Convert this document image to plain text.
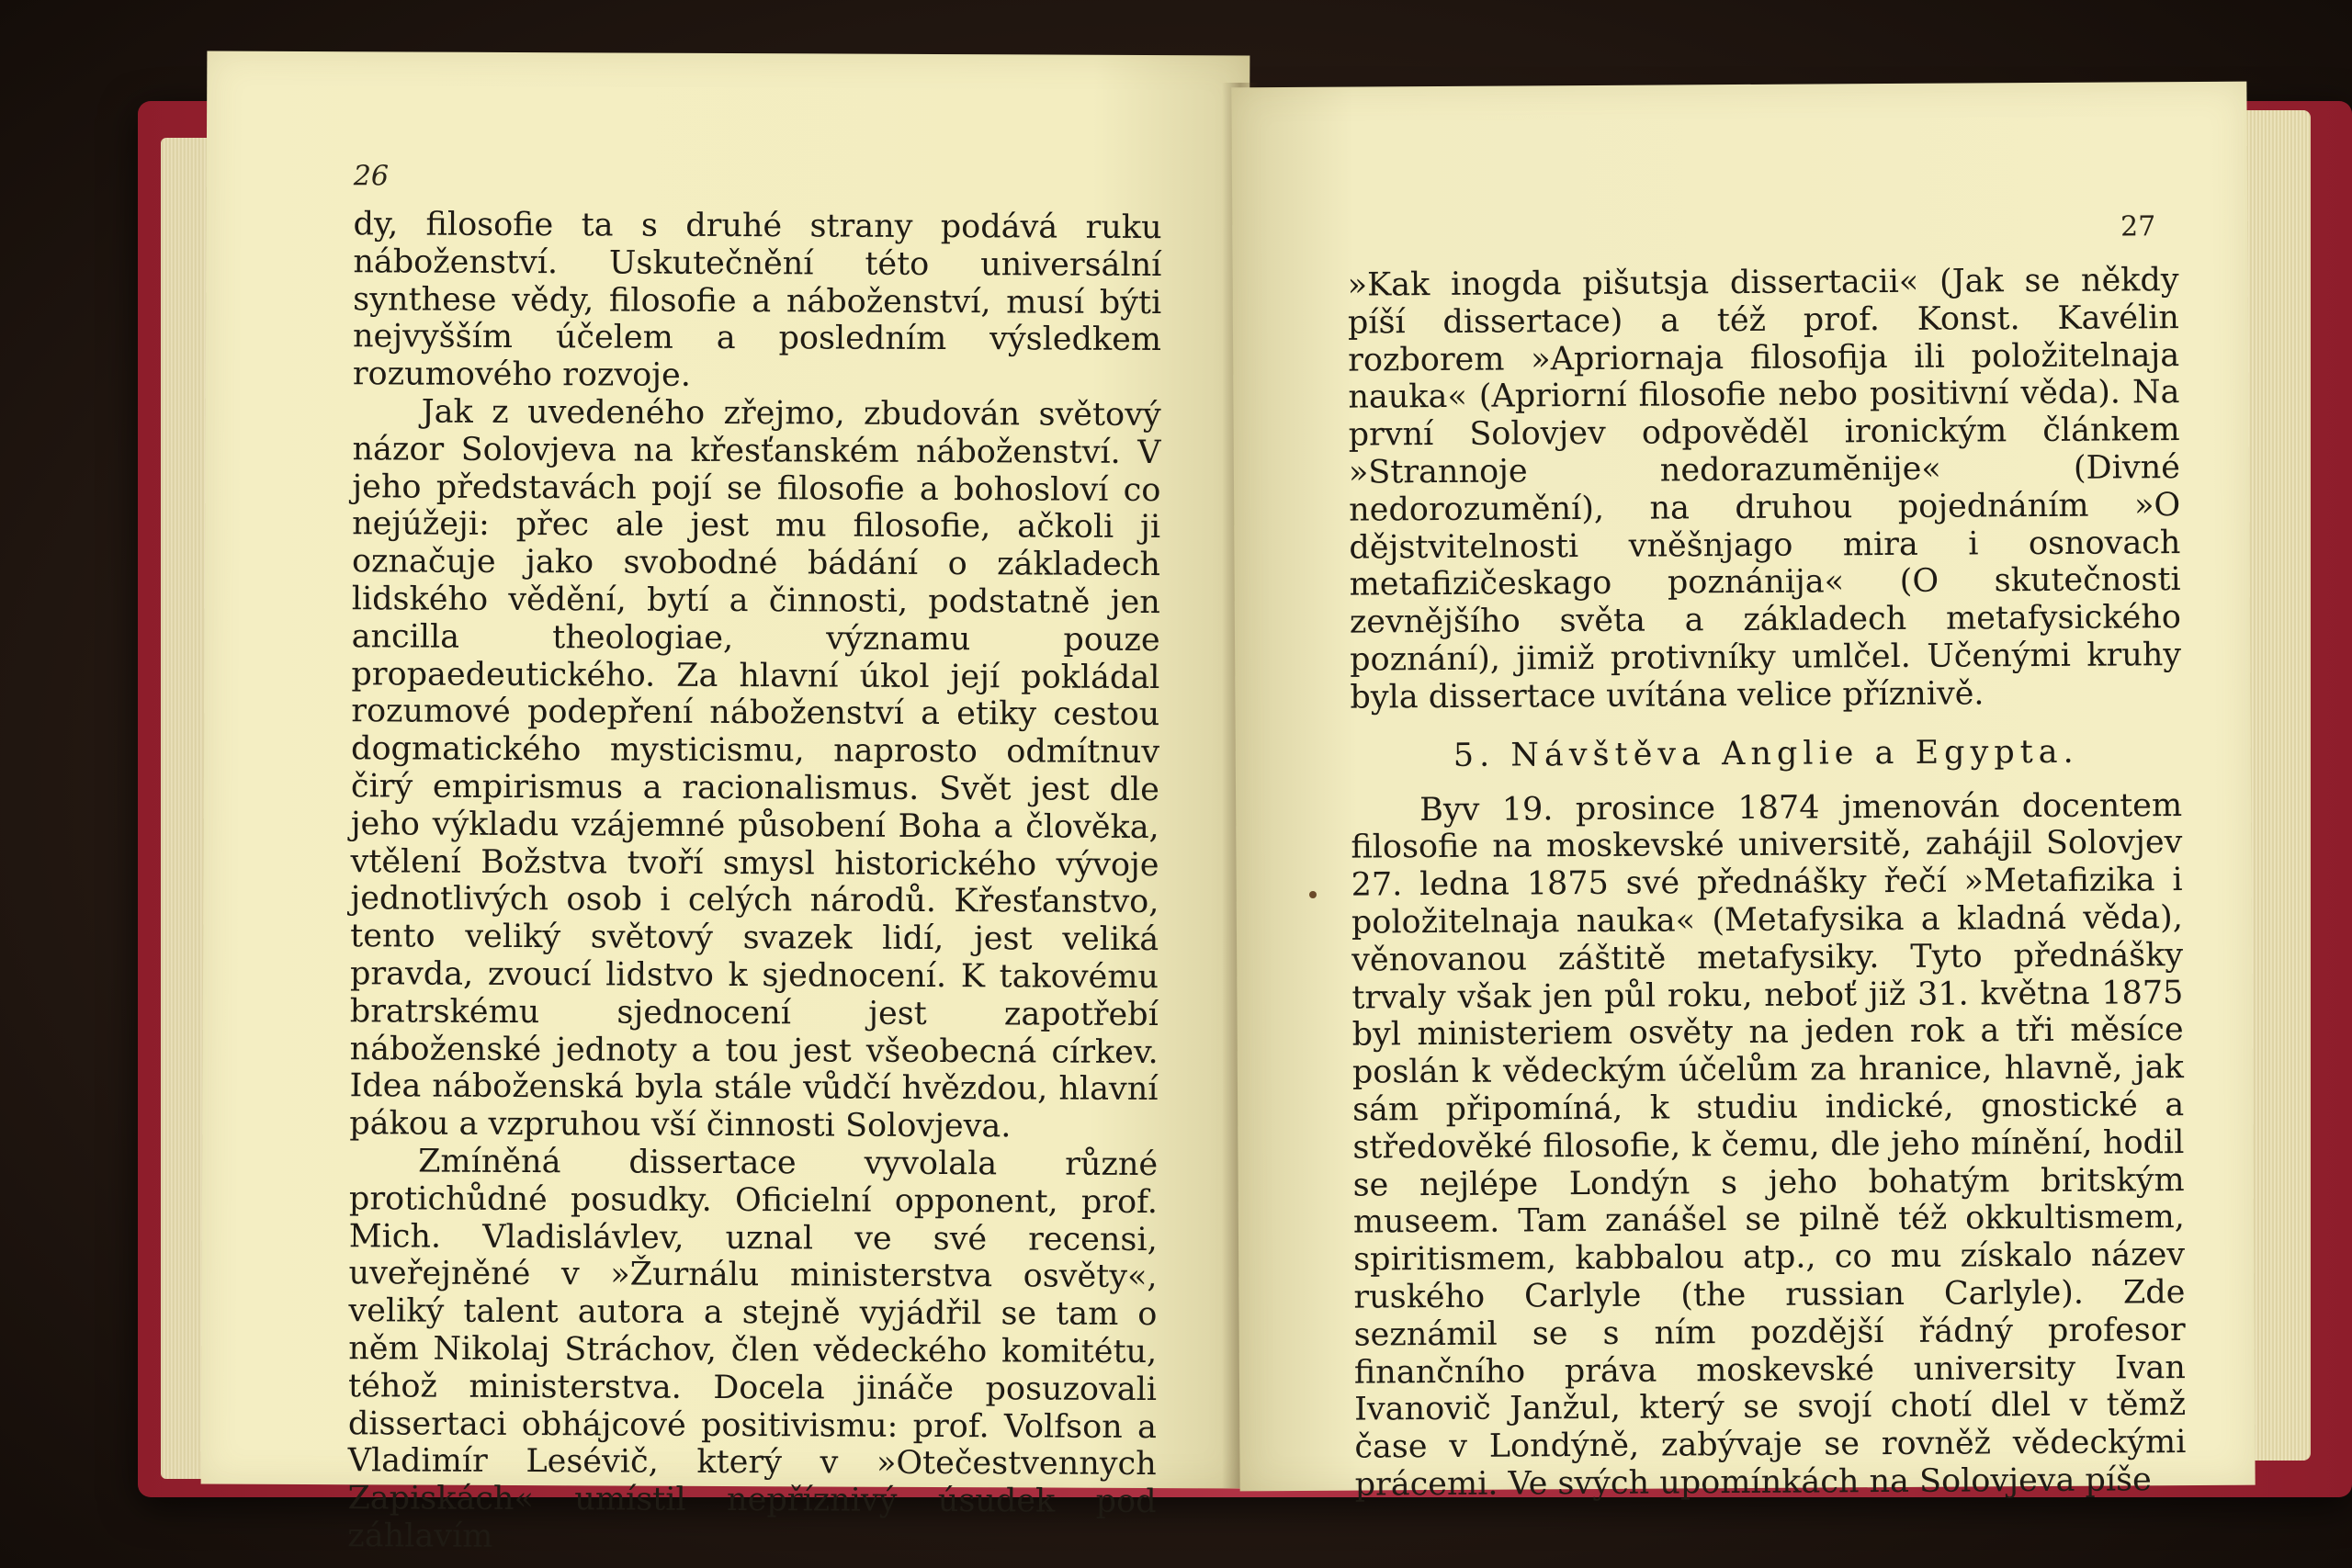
26

dy, filosofie ta s druhé strany podává ruku náboženství. Uskutečnění této universální synthese vědy, filosofie a náboženství, musí býti nejvyšším účelem a posledním výsledkem rozumového rozvoje.

Jak z uvedeného zřejmo, zbudován světový názor Solovjeva na křesťanském náboženství. V jeho představách pojí se filosofie a bohosloví co nejúžeji: přec ale jest mu filosofie, ačkoli ji označuje jako svobodné bádání o základech lidského vědění, bytí a činnosti, podstatně jen ancilla theologiae, významu pouze propaedeutického. Za hlavní úkol její pokládal rozumové podepření náboženství a etiky cestou dogmatického mysticismu, naprosto odmítnuv čirý empirismus a racionalismus. Svět jest dle jeho výkladu vzájemné působení Boha a člověka, vtělení Božstva tvoří smysl historického vývoje jednotlivých osob i celých národů. Křesťanstvo, tento veliký světový svazek lidí, jest veliká pravda, zvoucí lidstvo k sjednocení. K takovému bratrskému sjednocení jest zapotřebí náboženské jednoty a tou jest všeobecná církev. Idea náboženská byla stále vůdčí hvězdou, hlavní pákou a vzpruhou vší činnosti Solovjeva.

Zmíněná dissertace vyvolala různé protichůdné posudky. Oficielní opponent, prof. Mich. Vladislávlev, uznal ve své recensi, uveřejněné v »Žurnálu ministerstva osvěty«, veliký talent autora a stejně vyjádřil se tam o něm Nikolaj Stráchov, člen vědeckého komitétu, téhož ministerstva. Docela jináče posuzovali dissertaci obhájcové positivismu: prof. Volfson a Vladimír Lesévič, který v »Otečestvennych Zapiskách« umístil nepříznivý úsudek pod záhlavím

27

»Kak inogda pišutsja dissertacii« (Jak se někdy píší dissertace) a též prof. Konst. Kavélin rozborem »Apriornaja filosofija ili položitelnaja nauka« (Apriorní filosofie nebo positivní věda). Na první Solovjev odpověděl ironickým článkem »Strannoje nedorazumĕnije« (Divné nedorozumění), na druhou pojednáním »O dějstvitelnosti vněšnjago mira i osnovach metafizičeskago poznánija« (O skutečnosti zevnějšího světa a základech metafysického poznání), jimiž protivníky umlčel. Učenými kruhy byla dissertace uvítána velice příznivě.

5. Návštěva Anglie a Egypta.

Byv 19. prosince 1874 jmenován docentem filosofie na moskevské universitě, zahájil Solovjev 27. ledna 1875 své přednášky řečí »Metafizika i položitelnaja nauka« (Metafysika a kladná věda), věnovanou záštitě metafysiky. Tyto přednášky trvaly však jen půl roku, neboť již 31. května 1875 byl ministeriem osvěty na jeden rok a tři měsíce poslán k vědeckým účelům za hranice, hlavně, jak sám připomíná, k studiu indické, gnostické a středověké filosofie, k čemu, dle jeho mínění, hodil se nejlépe Londýn s jeho bohatým britským museem. Tam zanášel se pilně též okkultismem, spiritismem, kabbalou atp., co mu získalo název ruského Carlyle (the russian Carlyle). Zde seznámil se s ním pozdější řádný profesor finančního práva moskevské university Ivan Ivanovič Janžul, který se svojí chotí dlel v těmž čase v Londýně, zabývaje se rovněž vědeckými prácemi. Ve svých upomínkách na Solovjeva píše
